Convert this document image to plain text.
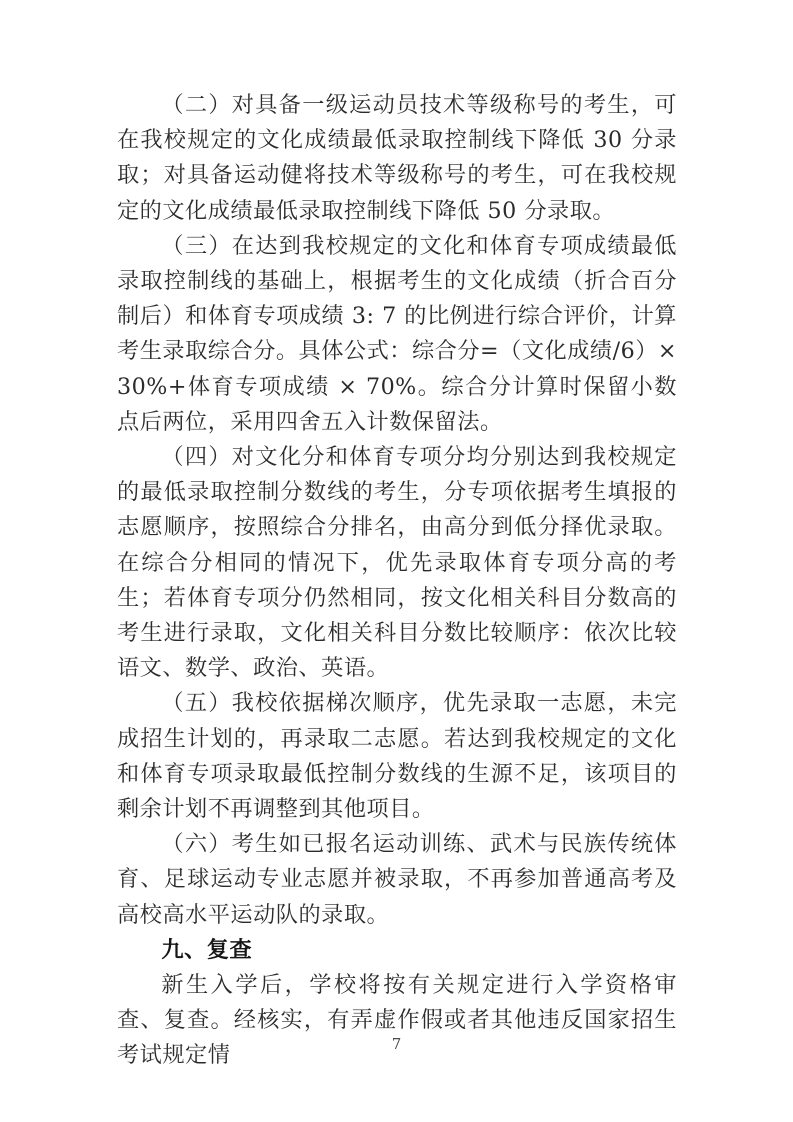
（二）对具备一级运动员技术等级称号的考生，可在我校规定的文化成绩最低录取控制线下降低 30 分录取；对具备运动健将技术等级称号的考生，可在我校规定的文化成绩最低录取控制线下降低 50 分录取。

（三）在达到我校规定的文化和体育专项成绩最低录取控制线的基础上，根据考生的文化成绩（折合百分制后）和体育专项成绩 3: 7 的比例进行综合评价，计算考生录取综合分。具体公式：综合分=（文化成绩/6）× 30%+体育专项成绩 × 70%。综合分计算时保留小数点后两位，采用四舍五入计数保留法。

（四）对文化分和体育专项分均分别达到我校规定的最低录取控制分数线的考生，分专项依据考生填报的志愿顺序，按照综合分排名，由高分到低分择优录取。在综合分相同的情况下，优先录取体育专项分高的考生；若体育专项分仍然相同，按文化相关科目分数高的考生进行录取，文化相关科目分数比较顺序：依次比较语文、数学、政治、英语。

（五）我校依据梯次顺序，优先录取一志愿，未完成招生计划的，再录取二志愿。若达到我校规定的文化和体育专项录取最低控制分数线的生源不足，该项目的剩余计划不再调整到其他项目。

（六）考生如已报名运动训练、武术与民族传统体育、足球运动专业志愿并被录取，不再参加普通高考及高校高水平运动队的录取。

九、复查

新生入学后，学校将按有关规定进行入学资格审查、复查。经核实，有弄虚作假或者其他违反国家招生考试规定情	7
